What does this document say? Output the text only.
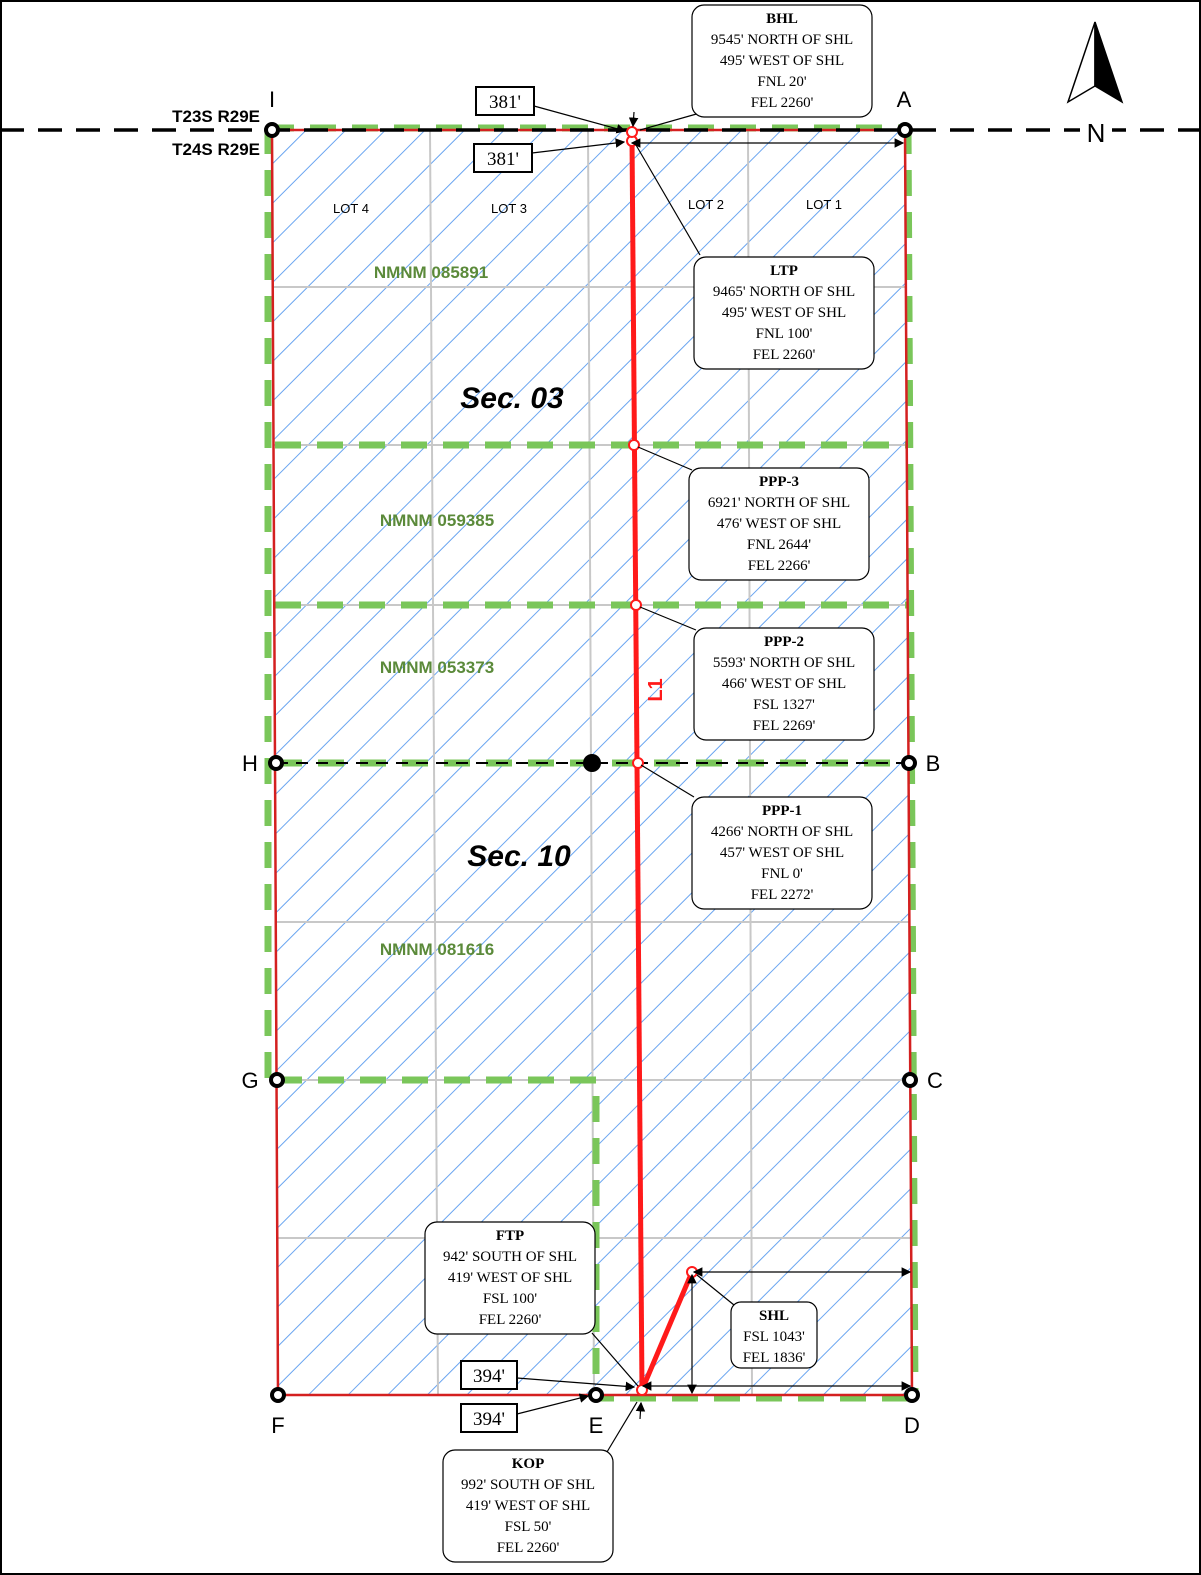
L1
A
B
C
D
E
F
G
H
I
T23S R29E
T24S R29E
N
LOT 4	LOT 3	LOT 2	LOT 1
NMNM 085891
NMNM 059385
NMNM 053373
NMNM 081616
Sec. 03
Sec. 10
381'
381'
394'
394'
BHL
9545' NORTH OF SHL
495' WEST OF SHL
FNL 20'
FEL 2260'
LTP
9465' NORTH OF SHL
495' WEST OF SHL
FNL 100'
FEL 2260'
PPP-3
6921' NORTH OF SHL
476' WEST OF SHL
FNL 2644'
FEL 2266'
PPP-2
5593' NORTH OF SHL
466' WEST OF SHL
FSL 1327'
FEL 2269'
PPP-1
4266' NORTH OF SHL
457' WEST OF SHL
FNL 0'
FEL 2272'
FTP
942' SOUTH OF SHL
419' WEST OF SHL
FSL 100'
FEL 2260'	SHL
FSL 1043'
FEL 1836'
KOP
992' SOUTH OF SHL
419' WEST OF SHL
FSL 50'
FEL 2260'
